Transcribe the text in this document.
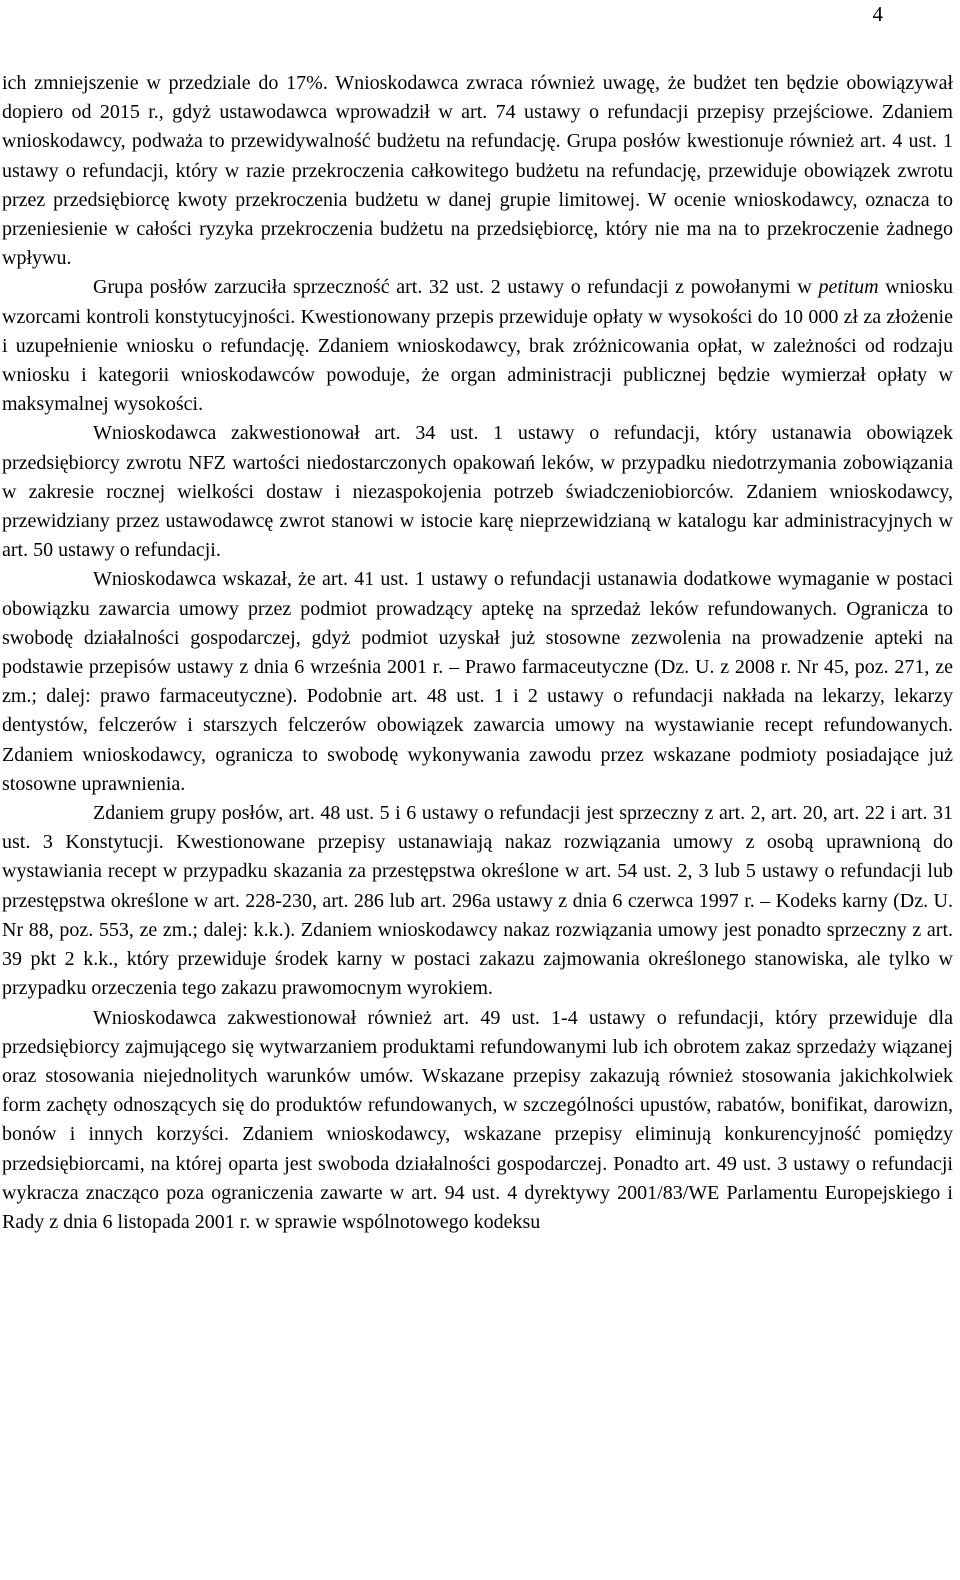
4

ich zmniejszenie w przedziale do 17%. Wnioskodawca zwraca również uwagę, że budżet ten będzie obowiązywał dopiero od 2015 r., gdyż ustawodawca wprowadził w art. 74 ustawy o refundacji przepisy przejściowe. Zdaniem wnioskodawcy, podważa to przewidywalność budżetu na refundację. Grupa posłów kwestionuje również art. 4 ust. 1 ustawy o refundacji, który w razie przekroczenia całkowitego budżetu na refundację, przewiduje obowiązek zwrotu przez przedsiębiorcę kwoty przekroczenia budżetu w danej grupie limitowej. W ocenie wnioskodawcy, oznacza to przeniesienie w całości ryzyka przekroczenia budżetu na przedsiębiorcę, który nie ma na to przekroczenie żadnego wpływu.

Grupa posłów zarzuciła sprzeczność art. 32 ust. 2 ustawy o refundacji z powołanymi w petitum wniosku wzorcami kontroli konstytucyjności. Kwestionowany przepis przewiduje opłaty w wysokości do 10 000 zł za złożenie i uzupełnienie wniosku o refundację. Zdaniem wnioskodawcy, brak zróżnicowania opłat, w zależności od rodzaju wniosku i kategorii wnioskodawców powoduje, że organ administracji publicznej będzie wymierzał opłaty w maksymalnej wysokości.

Wnioskodawca zakwestionował art. 34 ust. 1 ustawy o refundacji, który ustanawia obowiązek przedsiębiorcy zwrotu NFZ wartości niedostarczonych opakowań leków, w przypadku niedotrzymania zobowiązania w zakresie rocznej wielkości dostaw i niezaspokojenia potrzeb świadczeniobiorców. Zdaniem wnioskodawcy, przewidziany przez ustawodawcę zwrot stanowi w istocie karę nieprzewidzianą w katalogu kar administracyjnych w art. 50 ustawy o refundacji.

Wnioskodawca wskazał, że art. 41 ust. 1 ustawy o refundacji ustanawia dodatkowe wymaganie w postaci obowiązku zawarcia umowy przez podmiot prowadzący aptekę na sprzedaż leków refundowanych. Ogranicza to swobodę działalności gospodarczej, gdyż podmiot uzyskał już stosowne zezwolenia na prowadzenie apteki na podstawie przepisów ustawy z dnia 6 września 2001 r. – Prawo farmaceutyczne (Dz. U. z 2008 r. Nr 45, poz. 271, ze zm.; dalej: prawo farmaceutyczne). Podobnie art. 48 ust. 1 i 2 ustawy o refundacji nakłada na lekarzy, lekarzy dentystów, felczerów i starszych felczerów obowiązek zawarcia umowy na wystawianie recept refundowanych. Zdaniem wnioskodawcy, ogranicza to swobodę wykonywania zawodu przez wskazane podmioty posiadające już stosowne uprawnienia.

Zdaniem grupy posłów, art. 48 ust. 5 i 6 ustawy o refundacji jest sprzeczny z art. 2, art. 20, art. 22 i art. 31 ust. 3 Konstytucji. Kwestionowane przepisy ustanawiają nakaz rozwiązania umowy z osobą uprawnioną do wystawiania recept w przypadku skazania za przestępstwa określone w art. 54 ust. 2, 3 lub 5 ustawy o refundacji lub przestępstwa określone w art. 228-230, art. 286 lub art. 296a ustawy z dnia 6 czerwca 1997 r. – Kodeks karny (Dz. U. Nr 88, poz. 553, ze zm.; dalej: k.k.). Zdaniem wnioskodawcy nakaz rozwiązania umowy jest ponadto sprzeczny z art. 39 pkt 2 k.k., który przewiduje środek karny w postaci zakazu zajmowania określonego stanowiska, ale tylko w przypadku orzeczenia tego zakazu prawomocnym wyrokiem.

Wnioskodawca zakwestionował również art. 49 ust. 1-4 ustawy o refundacji, który przewiduje dla przedsiębiorcy zajmującego się wytwarzaniem produktami refundowanymi lub ich obrotem zakaz sprzedaży wiązanej oraz stosowania niejednolitych warunków umów. Wskazane przepisy zakazują również stosowania jakichkolwiek form zachęty odnoszących się do produktów refundowanych, w szczególności upustów, rabatów, bonifikat, darowizn, bonów i innych korzyści. Zdaniem wnioskodawcy, wskazane przepisy eliminują konkurencyjność pomiędzy przedsiębiorcami, na której oparta jest swoboda działalności gospodarczej. Ponadto art. 49 ust. 3 ustawy o refundacji wykracza znacząco poza ograniczenia zawarte w art. 94 ust. 4 dyrektywy 2001/83/WE Parlamentu Europejskiego i Rady z dnia 6 listopada 2001 r. w sprawie wspólnotowego kodeksu
